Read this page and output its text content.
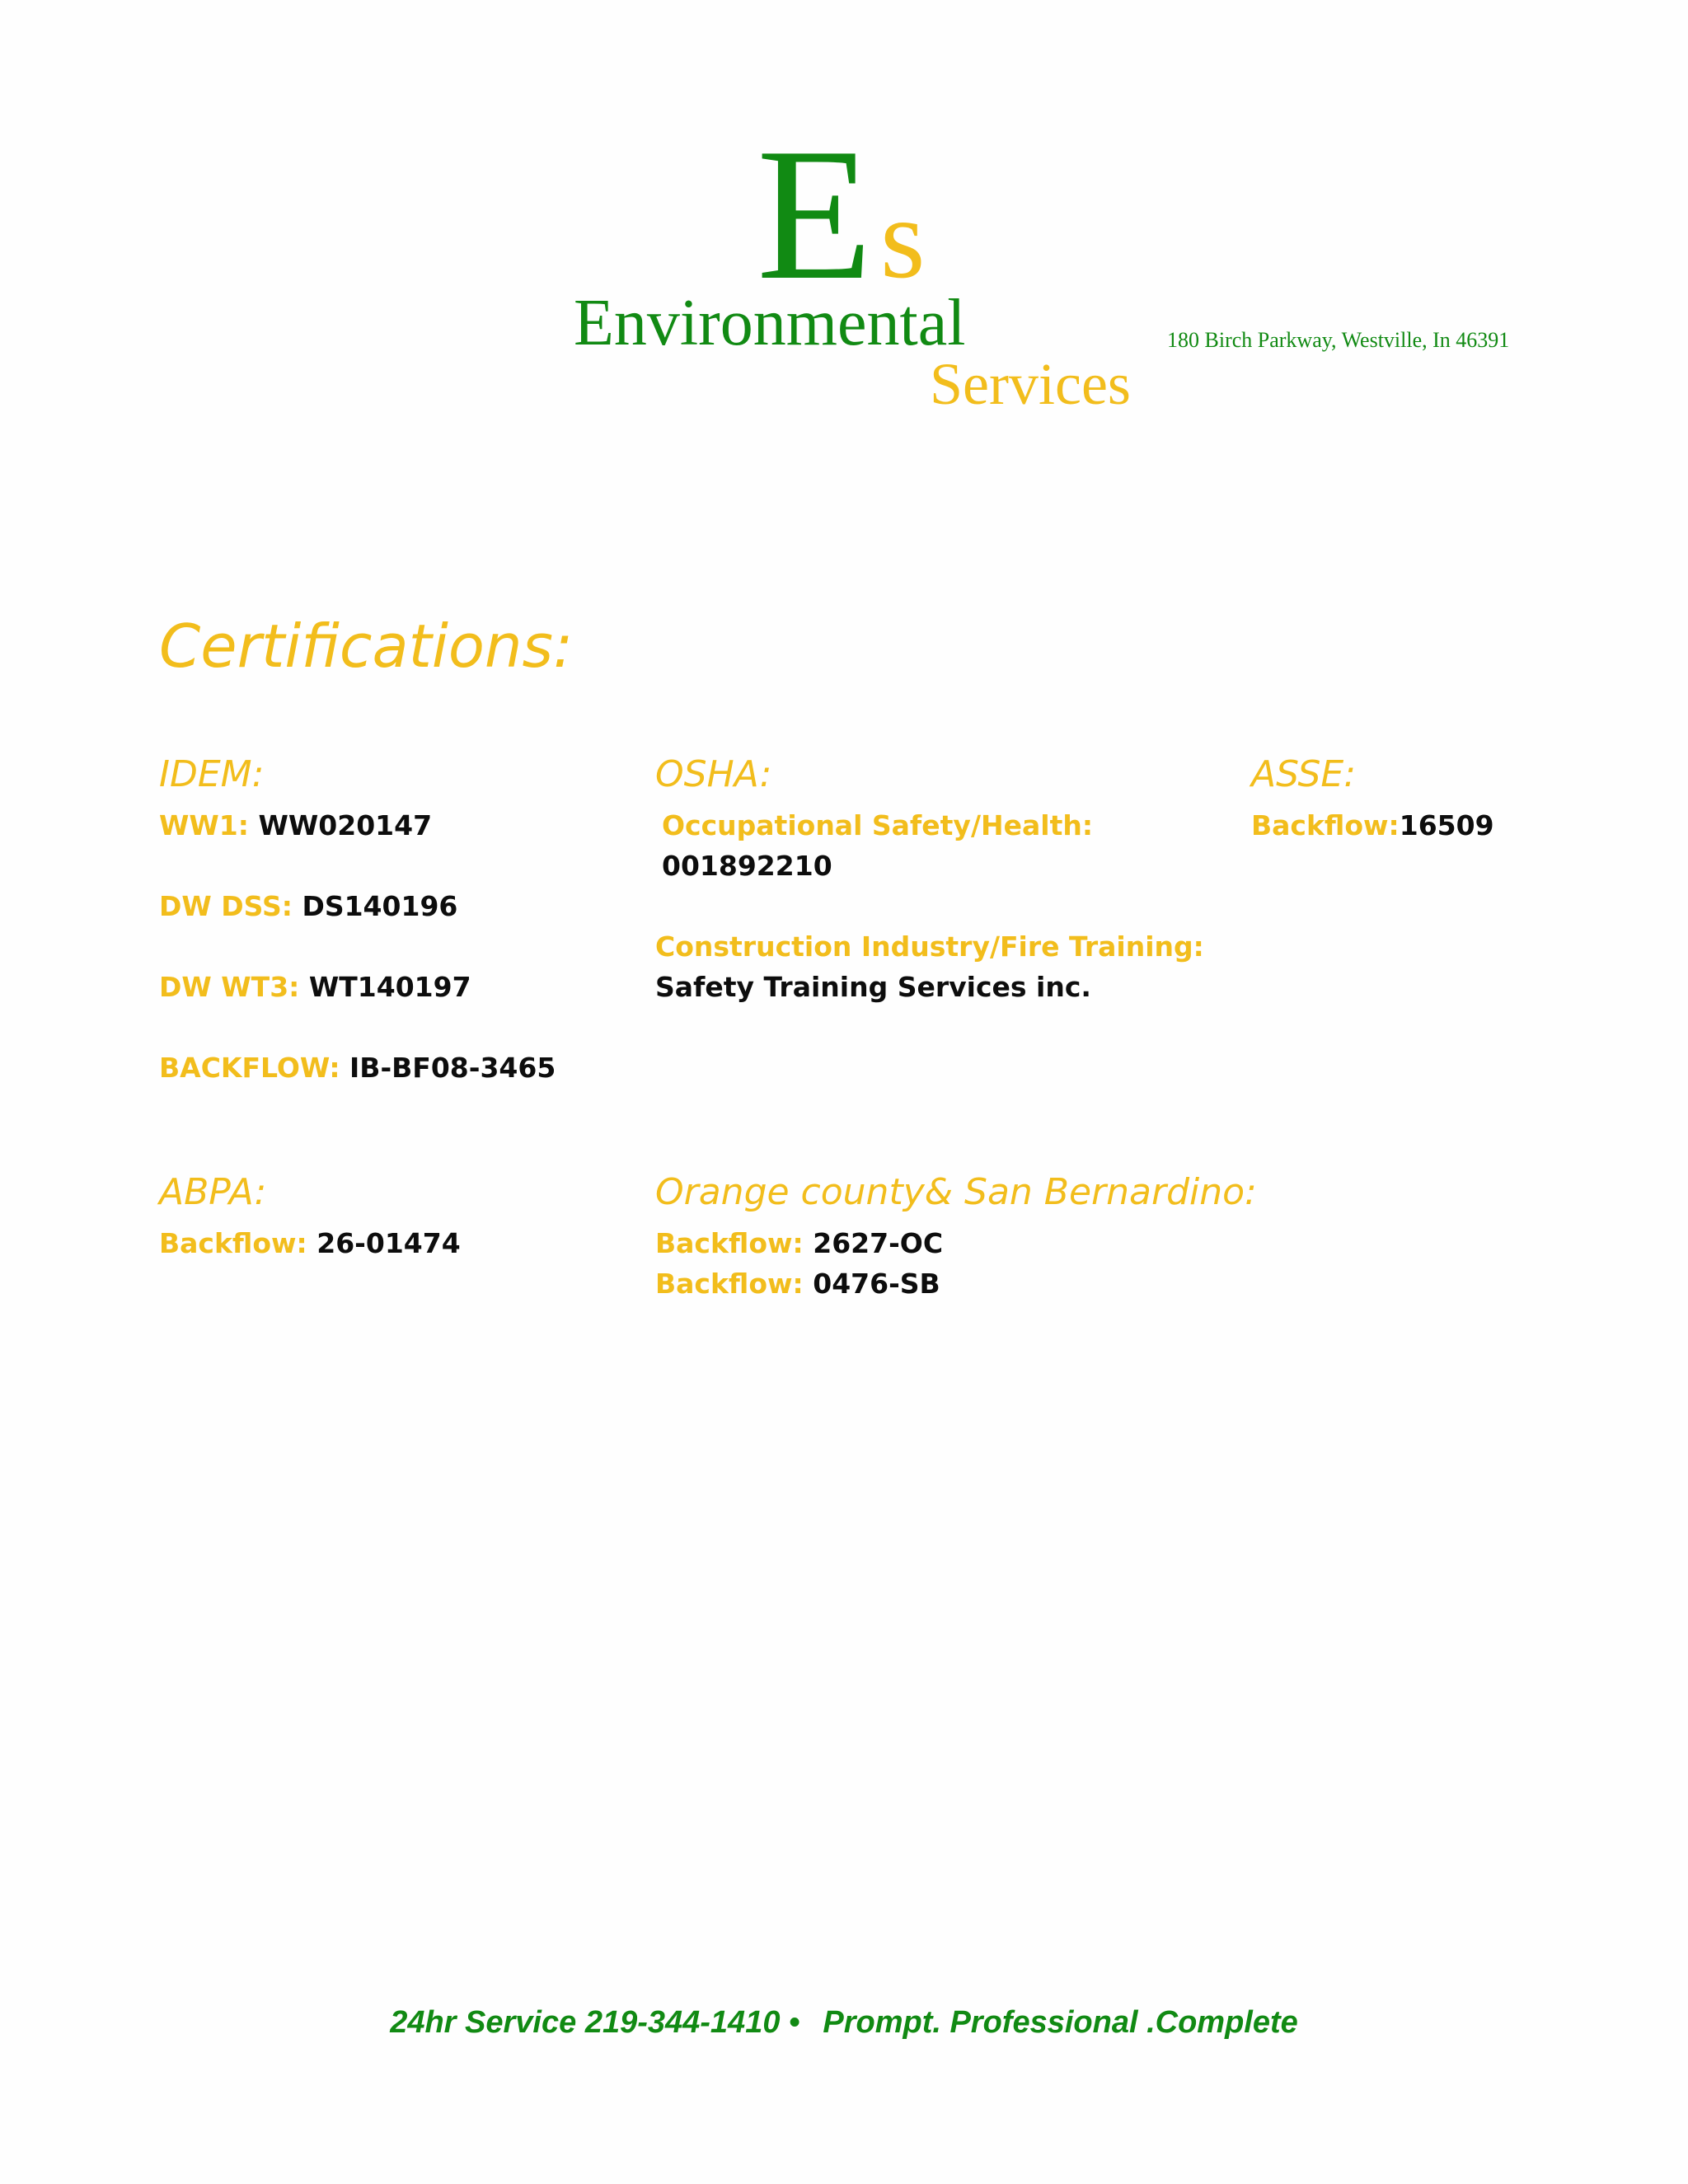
E s
Environmental
Services
180 Birch Parkway, Westville, In 46391
Certifications:
IDEM:
WW1: WW020147
DW DSS: DS140196
DW WT3: WT140197
BACKFLOW: IB-BF08-3465
OSHA:
Occupational Safety/Health:
001892210
Construction Industry/Fire Training:
Safety Training Services inc.
ASSE:
Backflow:16509
ABPA:
Backflow: 26-01474
Orange county& San Bernardino:
Backflow: 2627-OC
Backflow: 0476-SB
24hr Service 219-344-1410 • Prompt. Professional .Complete
